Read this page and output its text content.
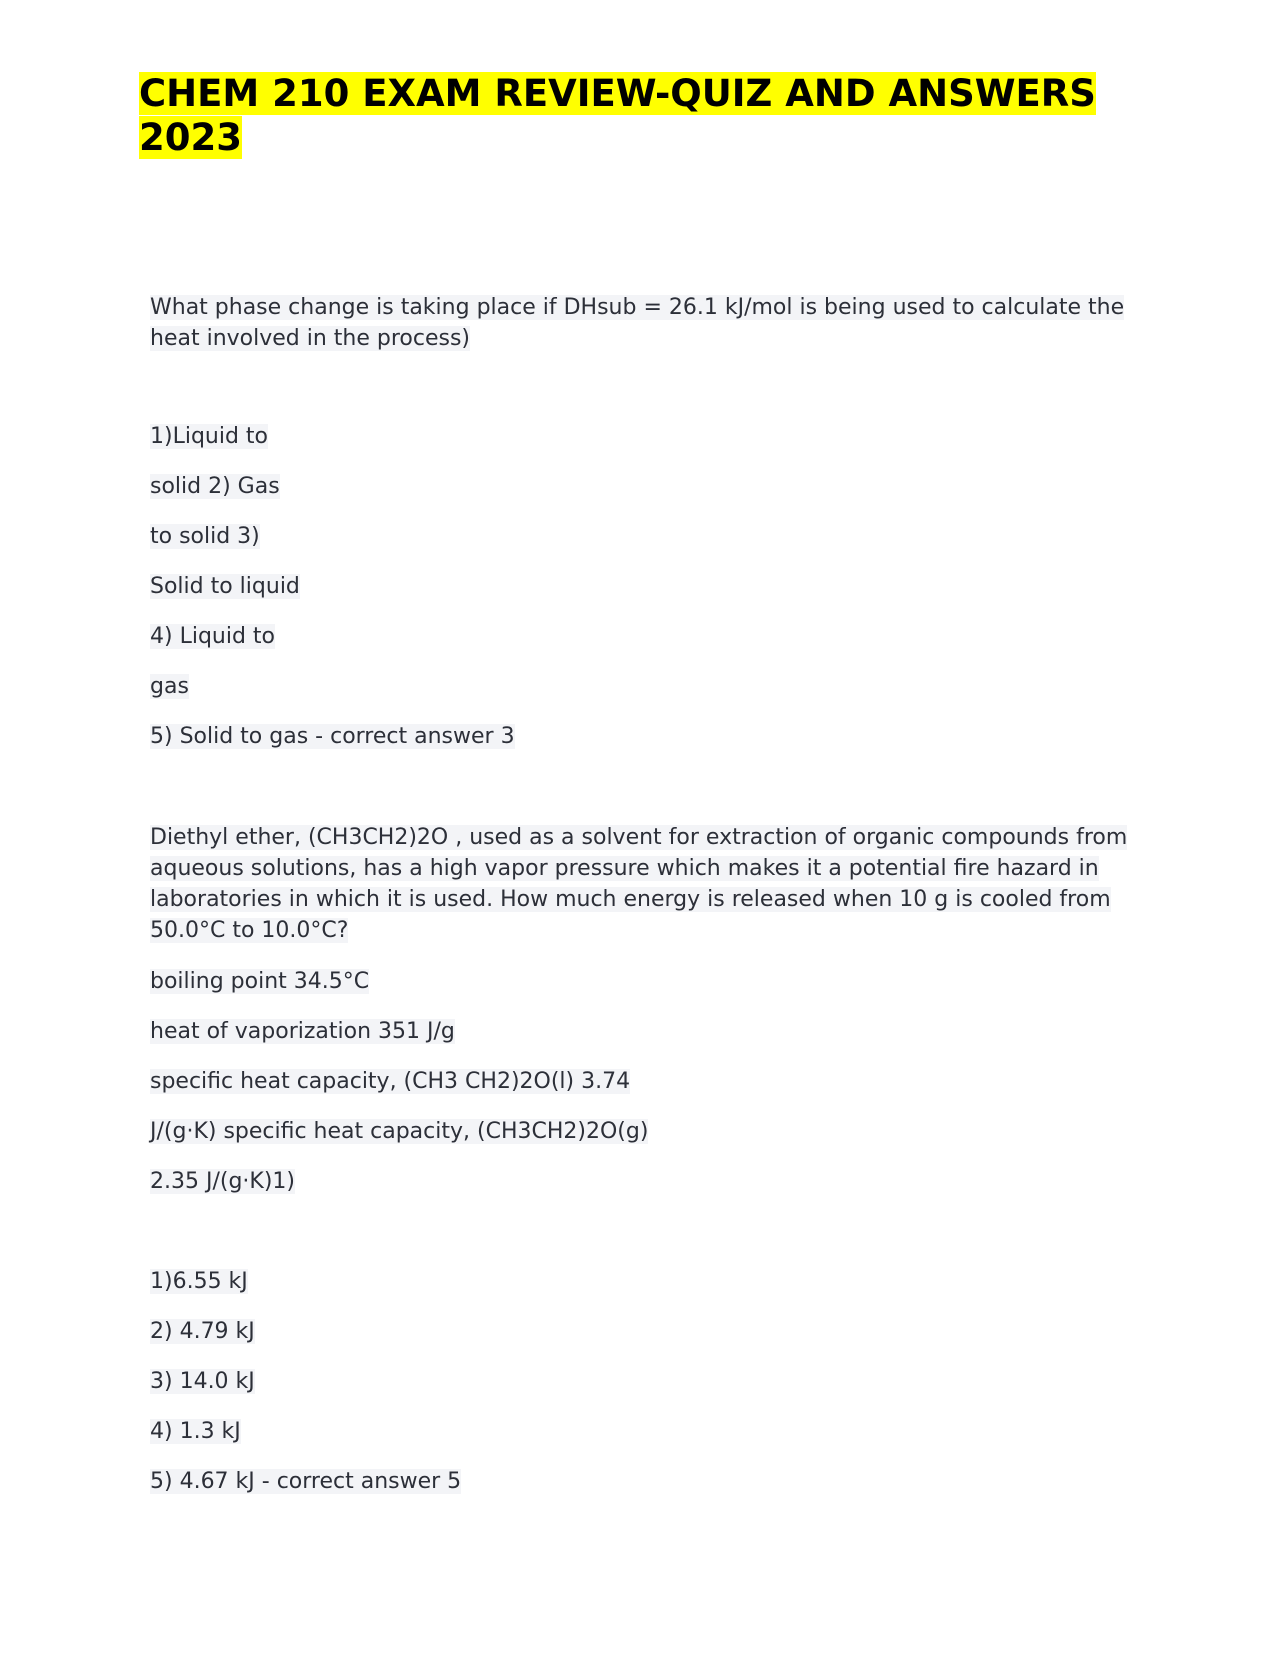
CHEM 210 EXAM REVIEW-QUIZ AND ANSWERS 2023

What phase change is taking place if DHsub = 26.1 kJ/mol is being used to calculate the heat involved in the process)

1)Liquid to

solid 2) Gas

to solid 3)

Solid to liquid

4) Liquid to

gas

5) Solid to gas - correct answer 3

Diethyl ether, (CH3CH2)2O , used as a solvent for extraction of organic compounds from aqueous solutions, has a high vapor pressure which makes it a potential fire hazard in laboratories in which it is used. How much energy is released when 10 g is cooled from 50.0°C to 10.0°C?

boiling point 34.5°C

heat of vaporization 351 J/g

specific heat capacity, (CH3 CH2)2O(l) 3.74

J/(g·K) specific heat capacity, (CH3CH2)2O(g)

2.35 J/(g·K)1)

1)6.55 kJ

2) 4.79 kJ

3) 14.0 kJ

4) 1.3 kJ

5) 4.67 kJ - correct answer 5
